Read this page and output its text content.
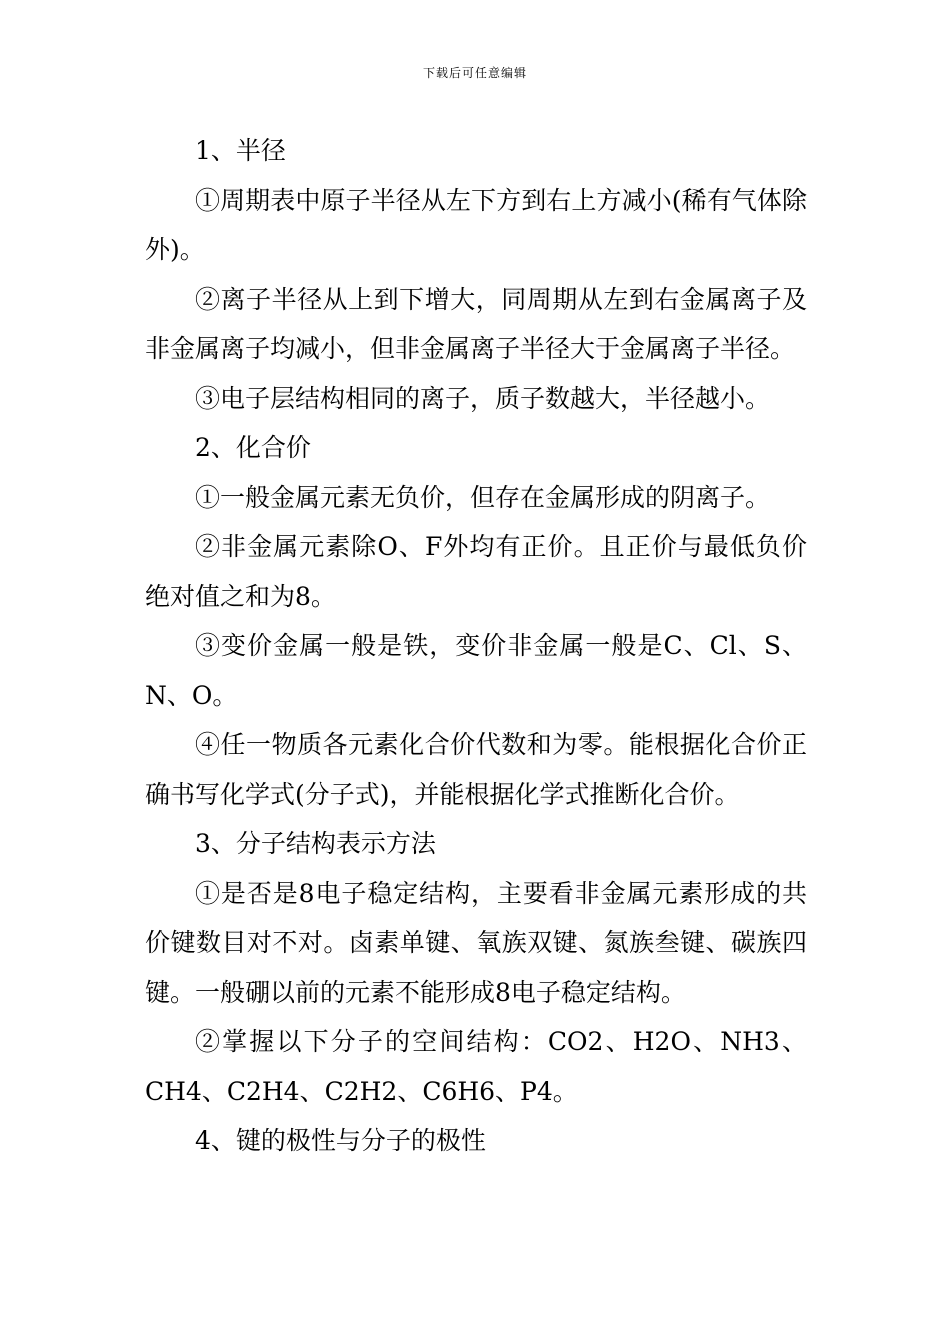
下载后可任意编辑

1、半径

①周期表中原子半径从左下方到右上方减小(稀有气体除外)。

②离子半径从上到下增大，同周期从左到右金属离子及非金属离子均减小，但非金属离子半径大于金属离子半径。

③电子层结构相同的离子，质子数越大，半径越小。

2、化合价

①一般金属元素无负价，但存在金属形成的阴离子。

②非金属元素除O、F外均有正价。且正价与最低负价绝对值之和为8。

③变价金属一般是铁，变价非金属一般是C、Cl、S、N、O。

④任一物质各元素化合价代数和为零。能根据化合价正确书写化学式(分子式)，并能根据化学式推断化合价。

3、分子结构表示方法

①是否是8电子稳定结构，主要看非金属元素形成的共价键数目对不对。卤素单键、氧族双键、氮族叁键、碳族四键。一般硼以前的元素不能形成8电子稳定结构。

②掌握以下分子的空间结构：CO2、H2O、NH3、CH4、C2H4、C2H2、C6H6、P4。

4、键的极性与分子的极性
